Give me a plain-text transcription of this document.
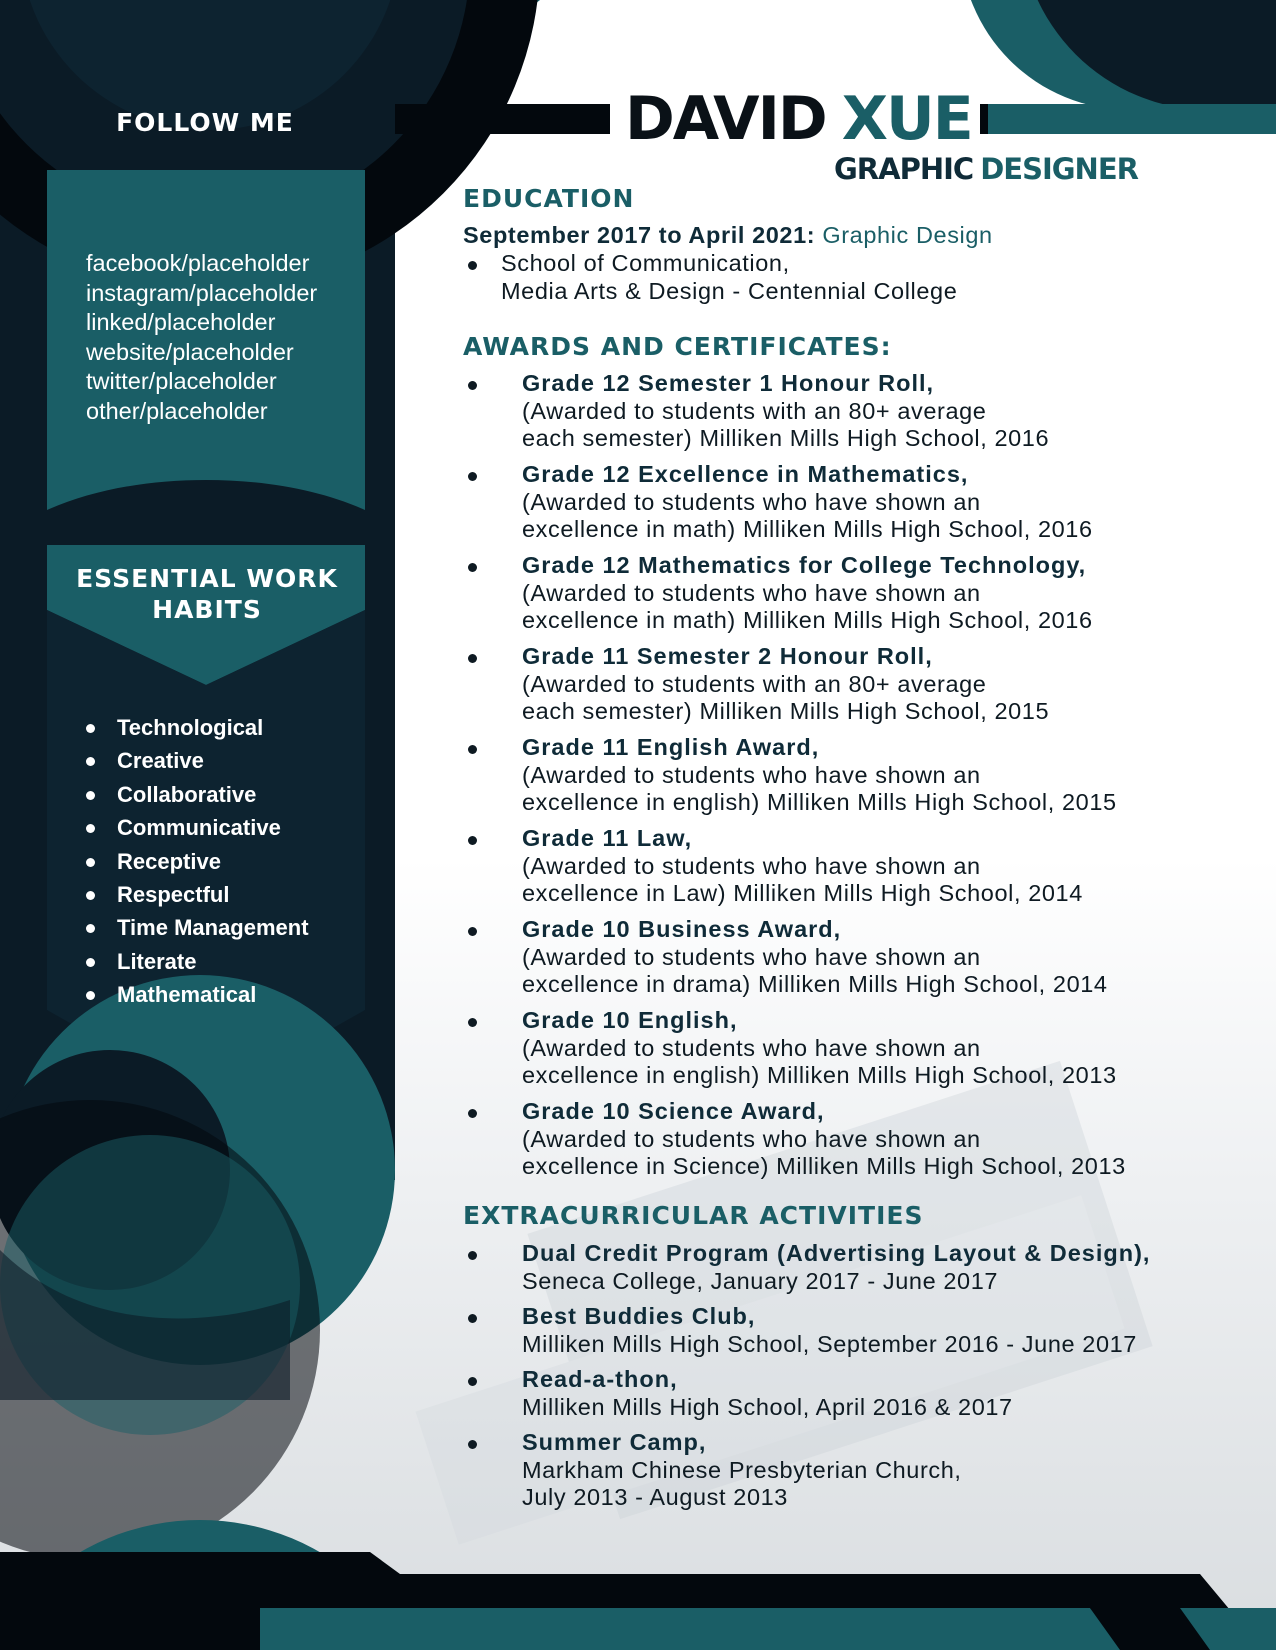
FOLLOW ME
facebook/placeholder
instagram/placeholder
linked/placeholder
website/placeholder
twitter/placeholder
other/placeholder
ESSENTIAL WORK
HABITS
Technological
Creative
Collaborative
Communicative
Receptive
Respectful
Time Management
Literate
Mathematical
DAVID XUE
GRAPHIC DESIGNER
EDUCATION
September 2017 to April 2021: Graphic Design
School of Communication,
Media Arts & Design - Centennial College
AWARDS AND CERTIFICATES:
Grade 12 Semester 1 Honour Roll,
(Awarded to students with an 80+ average
each semester) Milliken Mills High School, 2016
Grade 12 Excellence in Mathematics,
(Awarded to students who have shown an
excellence in math) Milliken Mills High School, 2016
Grade 12 Mathematics for College Technology,
(Awarded to students who have shown an
excellence in math) Milliken Mills High School, 2016
Grade 11 Semester 2 Honour Roll,
(Awarded to students with an 80+ average
each semester) Milliken Mills High School, 2015
Grade 11 English Award,
(Awarded to students who have shown an
excellence in english) Milliken Mills High School, 2015
Grade 11 Law,
(Awarded to students who have shown an
excellence in Law) Milliken Mills High School, 2014
Grade 10 Business Award,
(Awarded to students who have shown an
excellence in drama) Milliken Mills High School, 2014
Grade 10 English,
(Awarded to students who have shown an
excellence in english) Milliken Mills High School, 2013
Grade 10 Science Award,
(Awarded to students who have shown an
excellence in Science) Milliken Mills High School, 2013
EXTRACURRICULAR ACTIVITIES
Dual Credit Program (Advertising Layout & Design),
Seneca College, January 2017 - June 2017
Best Buddies Club,
Milliken Mills High School, September 2016 - June 2017
Read-a-thon,
Milliken Mills High School, April 2016 & 2017
Summer Camp,
Markham Chinese Presbyterian Church,
July 2013 - August 2013
